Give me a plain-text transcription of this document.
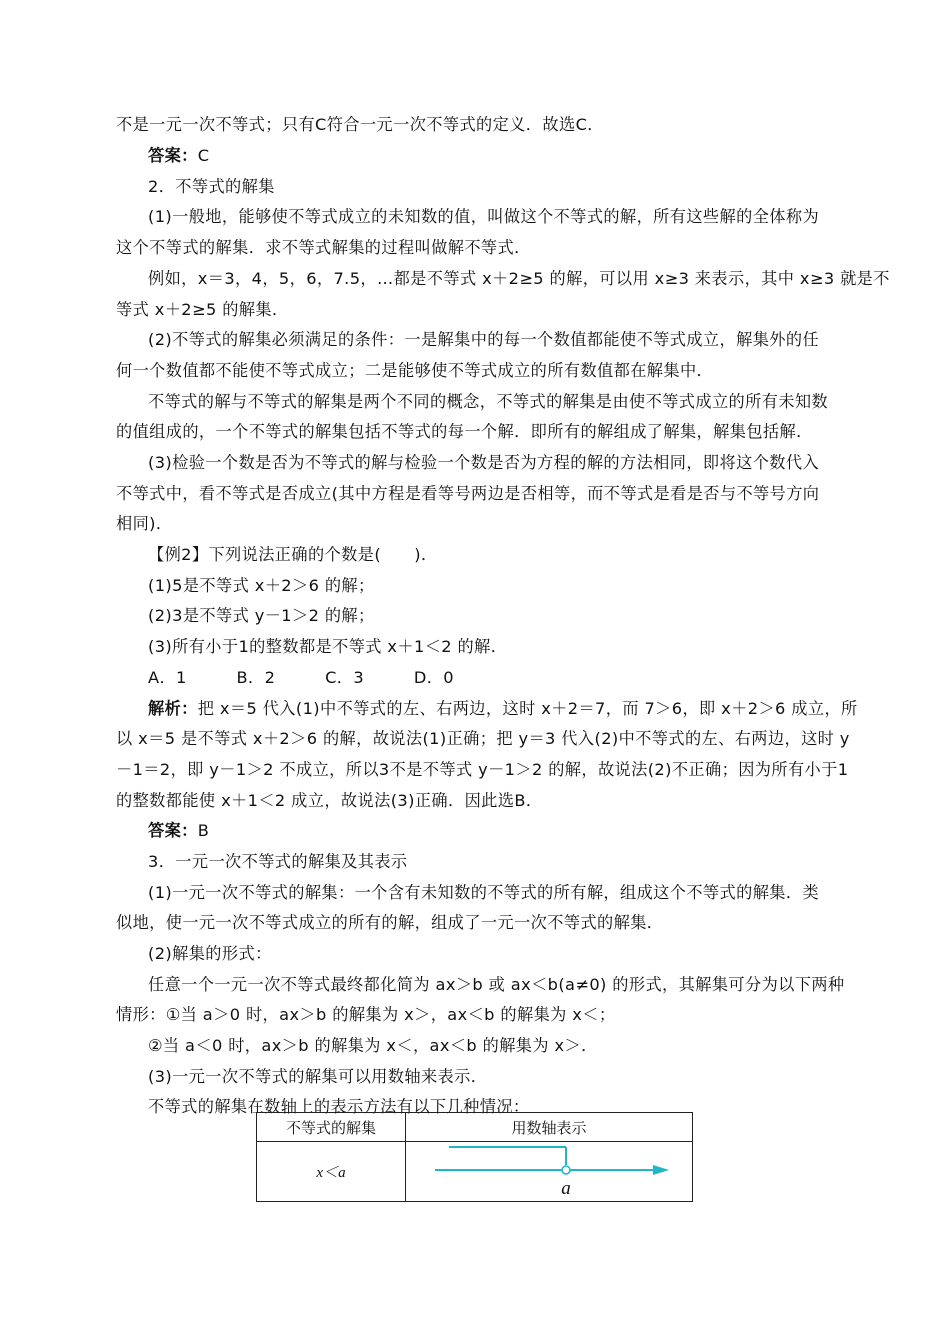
不是一元一次不等式；只有C符合一元一次不等式的定义．故选C．
答案：C
2．不等式的解集
(1)一般地，能够使不等式成立的未知数的值，叫做这个不等式的解，所有这些解的全体称为
这个不等式的解集．求不等式解集的过程叫做解不等式．
例如，x＝3，4，5，6，7.5，…都是不等式 x＋2≥5 的解，可以用 x≥3 来表示，其中 x≥3 就是不
等式 x＋2≥5 的解集．
(2)不等式的解集必须满足的条件：一是解集中的每一个数值都能使不等式成立，解集外的任
何一个数值都不能使不等式成立；二是能够使不等式成立的所有数值都在解集中．
不等式的解与不等式的解集是两个不同的概念，不等式的解集是由使不等式成立的所有未知数
的值组成的，一个不等式的解集包括不等式的每一个解．即所有的解组成了解集，解集包括解．
(3)检验一个数是否为不等式的解与检验一个数是否为方程的解的方法相同，即将这个数代入
不等式中，看不等式是否成立(其中方程是看等号两边是否相等，而不等式是看是否与不等号方向
相同)．
【例2】下列说法正确的个数是(　　)．
(1)5是不等式 x＋2＞6 的解；
(2)3是不等式 y－1＞2 的解；
(3)所有小于1的整数都是不等式 x＋1＜2 的解．
A．1　　　B．2　　　C．3　　　D．0
解析：把 x＝5 代入(1)中不等式的左、右两边，这时 x＋2＝7，而 7＞6，即 x＋2＞6 成立，所
以 x＝5 是不等式 x＋2＞6 的解，故说法(1)正确；把 y＝3 代入(2)中不等式的左、右两边，这时 y
－1＝2，即 y－1＞2 不成立，所以3不是不等式 y－1＞2 的解，故说法(2)不正确；因为所有小于1
的整数都能使 x＋1＜2 成立，故说法(3)正确．因此选B．
答案：B
3．一元一次不等式的解集及其表示
(1)一元一次不等式的解集：一个含有未知数的不等式的所有解，组成这个不等式的解集．类
似地，使一元一次不等式成立的所有的解，组成了一元一次不等式的解集．
(2)解集的形式：
任意一个一元一次不等式最终都化简为 ax＞b 或 ax＜b(a≠0) 的形式，其解集可分为以下两种
情形：①当 a＞0 时，ax＞b 的解集为 x＞，ax＜b 的解集为 x＜；
②当 a＜0 时，ax＞b 的解集为 x＜，ax＜b 的解集为 x＞．
(3)一元一次不等式的解集可以用数轴来表示．
不等式的解集在数轴上的表示方法有以下几种情况：
不等式的解集	用数轴表示
x＜a	a
